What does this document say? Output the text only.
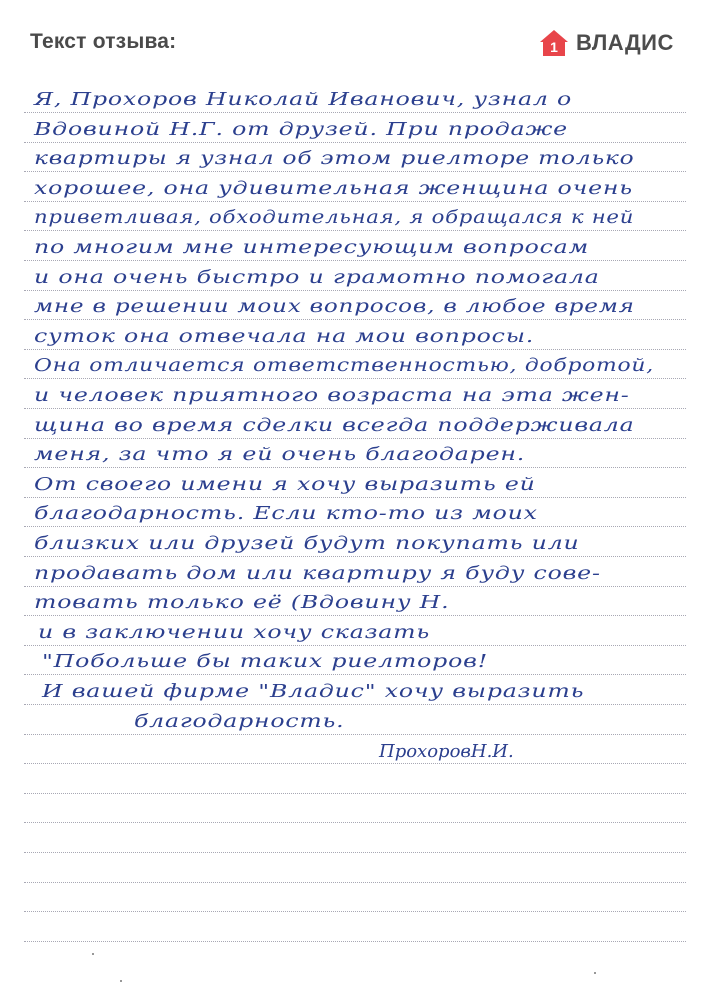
Текст отзыва:	1 ВЛАДИС
Я, Прохоров Николай Иванович, узнал о
Вдовиной Н.Г. от друзей. При продаже
квартиры я узнал об этом риелторе только
хорошее, она удивительная женщина очень
приветливая, обходительная, я обращался к ней
по многим мне интересующим вопросам
и она очень быстро и грамотно помогала
мне в решении моих вопросов, в любое время
суток она отвечала на мои вопросы.
Она отличается ответственностью, добротой,
и человек приятного возраста на эта жен-
щина во время сделки всегда поддерживала
меня, за что я ей очень благодарен.
От своего имени я хочу выразить ей
благодарность. Если кто-то из моих
близких или друзей будут покупать или
продавать дом или квартиру я буду сове-
товать только её (Вдовину Н.
и в заключении хочу сказать
"Побольше бы таких риелторов!
И вашей фирме "Владис" хочу выразить
благодарность.
ПрохоровН.И.
